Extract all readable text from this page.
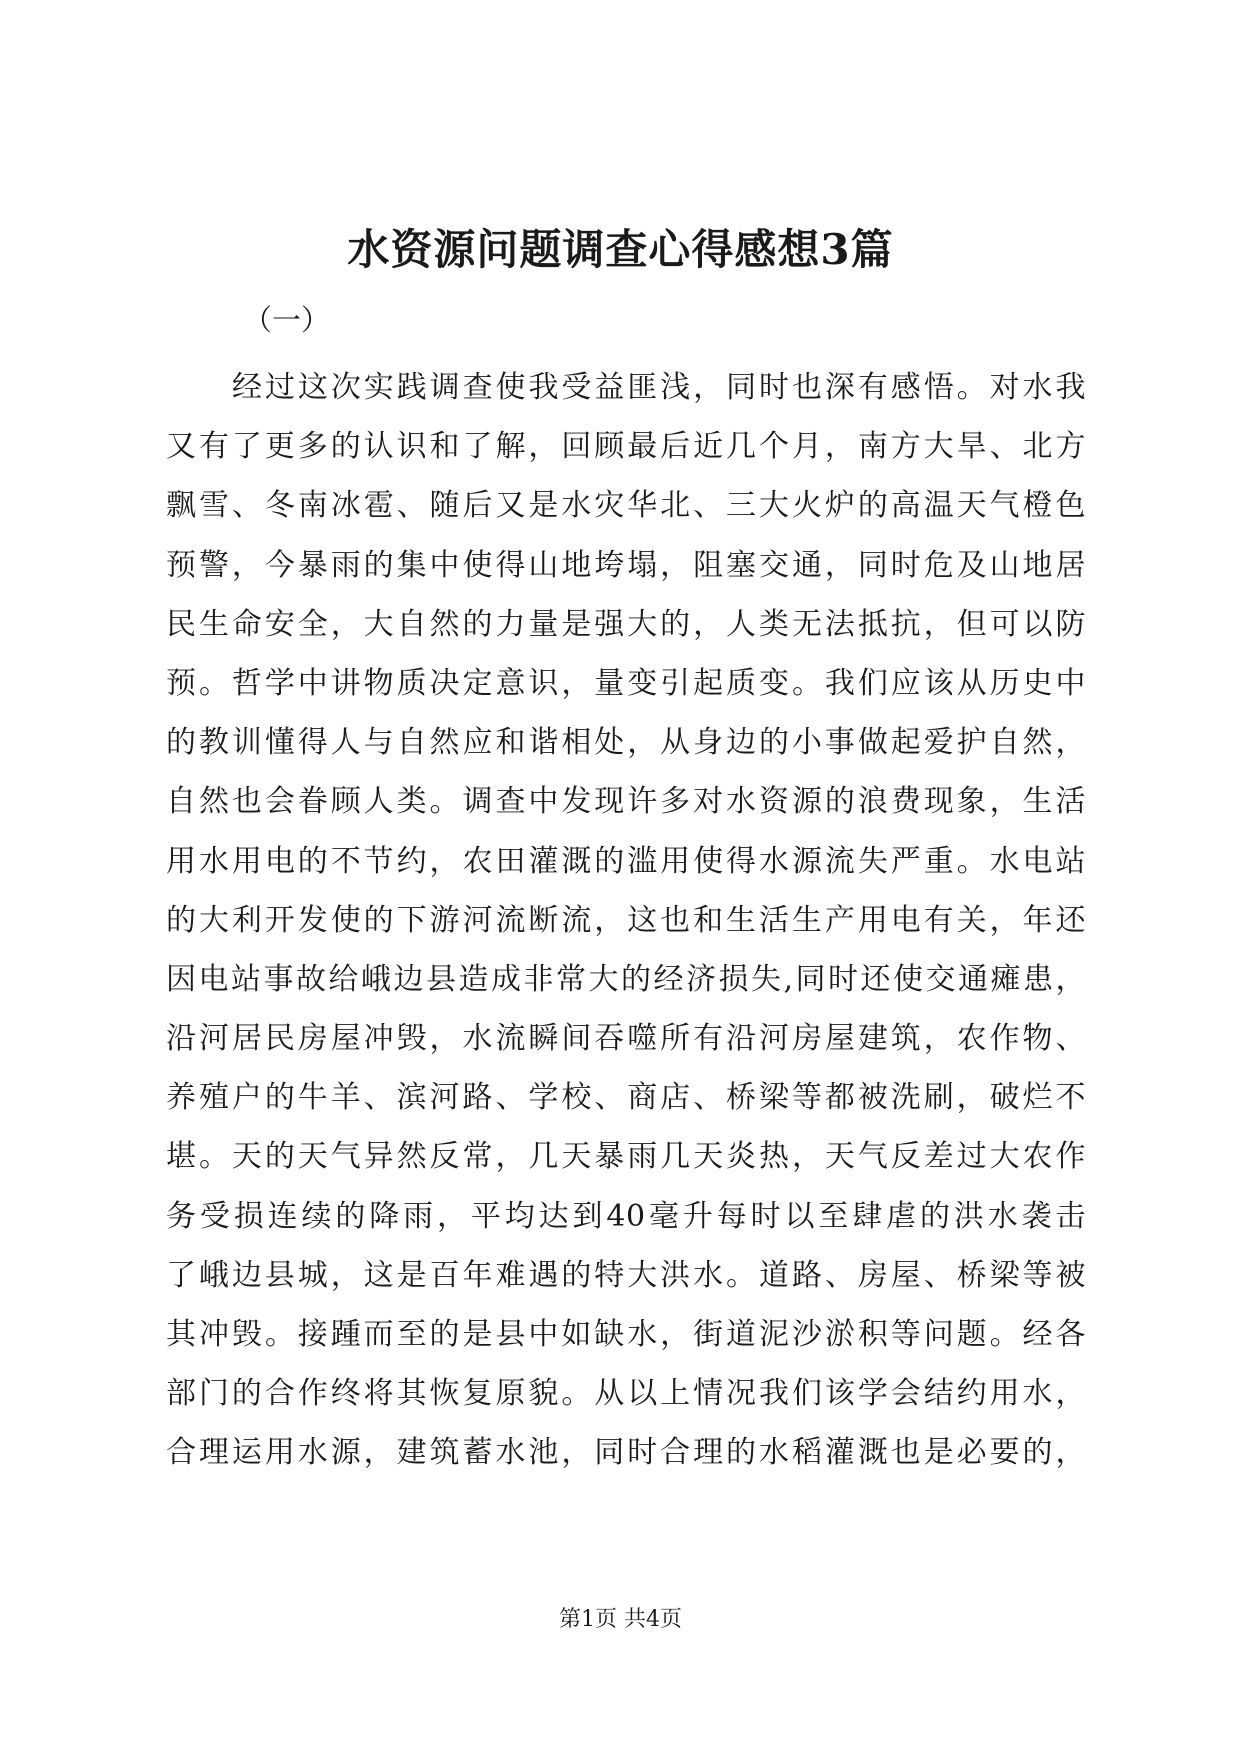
水资源问题调查心得感想3篇
（一）
经过这次实践调查使我受益匪浅，同时也深有感悟。对水我
又有了更多的认识和了解，回顾最后近几个月，南方大旱、北方
飘雪、冬南冰雹、随后又是水灾华北、三大火炉的高温天气橙色
预警，今暴雨的集中使得山地垮塌，阻塞交通，同时危及山地居
民生命安全，大自然的力量是强大的，人类无法抵抗，但可以防
预。哲学中讲物质决定意识，量变引起质变。我们应该从历史中
的教训懂得人与自然应和谐相处，从身边的小事做起爱护自然，
自然也会眷顾人类。调查中发现许多对水资源的浪费现象，生活
用水用电的不节约，农田灌溉的滥用使得水源流失严重。水电站
的大利开发使的下游河流断流，这也和生活生产用电有关，年还
因电站事故给峨边县造成非常大的经济损失,同时还使交通瘫患，
沿河居民房屋冲毁，水流瞬间吞噬所有沿河房屋建筑，农作物、
养殖户的牛羊、滨河路、学校、商店、桥梁等都被洗刷，破烂不
堪。天的天气异然反常，几天暴雨几天炎热，天气反差过大农作
务受损连续的降雨，平均达到40毫升每时以至肆虐的洪水袭击
了峨边县城，这是百年难遇的特大洪水。道路、房屋、桥梁等被
其冲毁。接踵而至的是县中如缺水，街道泥沙淤积等问题。经各
部门的合作终将其恢复原貌。从以上情况我们该学会结约用水，
合理运用水源，建筑蓄水池，同时合理的水稻灌溉也是必要的，
第1页 共4页
